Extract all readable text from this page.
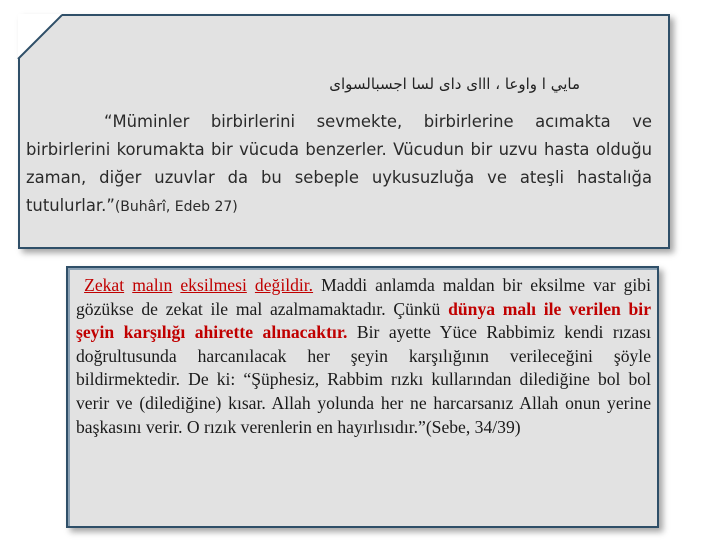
مايي ا واوعا ، اااى داى ﻟﺴﺎ اجسبالسوای
“Müminler birbirlerini sevmekte, birbirlerine acımakta ve birbirlerini korumakta bir vücuda benzerler. Vücudun bir uzvu hasta olduğu zaman, diğer uzuvlar da bu sebeple uykusuzluğa ve ateşli hastalığa tutulurlar.”(Buhârî, Edeb 27)
Zekat malın eksilmesi değildir. Maddi anlamda maldan bir eksilme var gibi gözükse de zekat ile mal azalmamaktadır. Çünkü dünya malı ile verilen bir şeyin karşılığı ahirette alınacaktır. Bir ayette Yüce Rabbimiz kendi rızası doğrultusunda harcanılacak her şeyin karşılığının verileceğini şöyle bildirmektedir. De ki: “Şüphesiz, Rabbim rızkı kullarından dilediğine bol bol verir ve (dilediğine) kısar. Allah yolunda her ne harcarsanız Allah onun yerine başkasını verir. O rızık verenlerin en hayırlısıdır.”(Sebe, 34/39)
